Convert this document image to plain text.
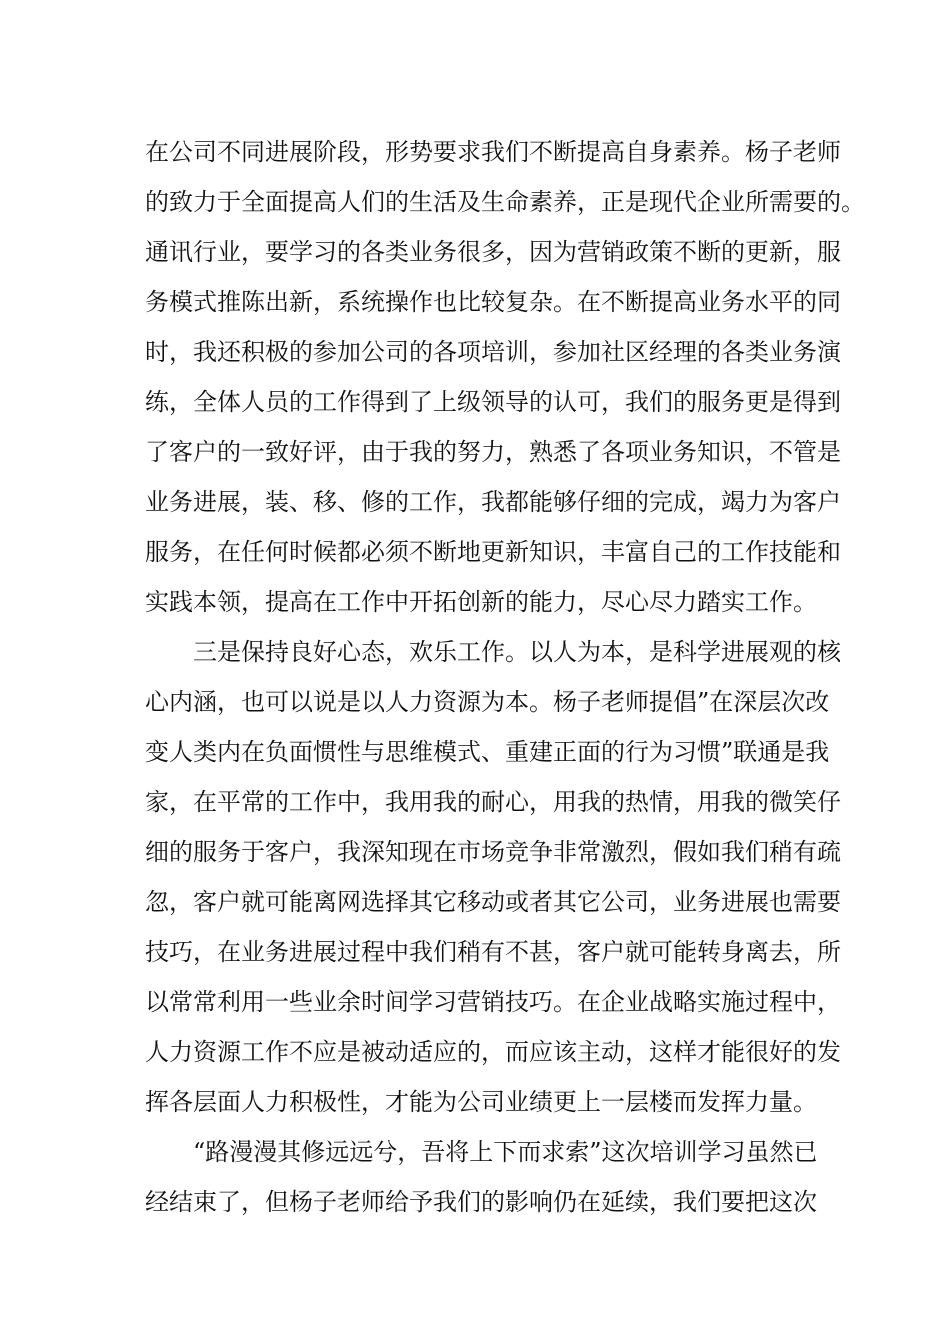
在公司不同进展阶段，形势要求我们不断提高自身素养。杨子老师
的致力于全面提高人们的生活及生命素养，正是现代企业所需要的。
通讯行业，要学习的各类业务很多，因为营销政策不断的更新，服
务模式推陈出新，系统操作也比较复杂。在不断提高业务水平的同
时，我还积极的参加公司的各项培训，参加社区经理的各类业务演
练，全体人员的工作得到了上级领导的认可，我们的服务更是得到
了客户的一致好评，由于我的努力，熟悉了各项业务知识，不管是
业务进展，装、移、修的工作，我都能够仔细的完成，竭力为客户
服务，在任何时候都必须不断地更新知识，丰富自己的工作技能和
实践本领，提高在工作中开拓创新的能力，尽心尽力踏实工作。
三是保持良好心态，欢乐工作。以人为本，是科学进展观的核
心内涵，也可以说是以人力资源为本。杨子老师提倡”在深层次改
变人类内在负面惯性与思维模式、重建正面的行为习惯”联通是我
家，在平常的工作中，我用我的耐心，用我的热情，用我的微笑仔
细的服务于客户，我深知现在市场竞争非常激烈，假如我们稍有疏
忽，客户就可能离网选择其它移动或者其它公司，业务进展也需要
技巧，在业务进展过程中我们稍有不甚，客户就可能转身离去，所
以常常利用一些业余时间学习营销技巧。在企业战略实施过程中，
人力资源工作不应是被动适应的，而应该主动，这样才能很好的发
挥各层面人力积极性，才能为公司业绩更上一层楼而发挥力量。
“路漫漫其修远远兮，吾将上下而求索”这次培训学习虽然已
经结束了，但杨子老师给予我们的影响仍在延续，我们要把这次
